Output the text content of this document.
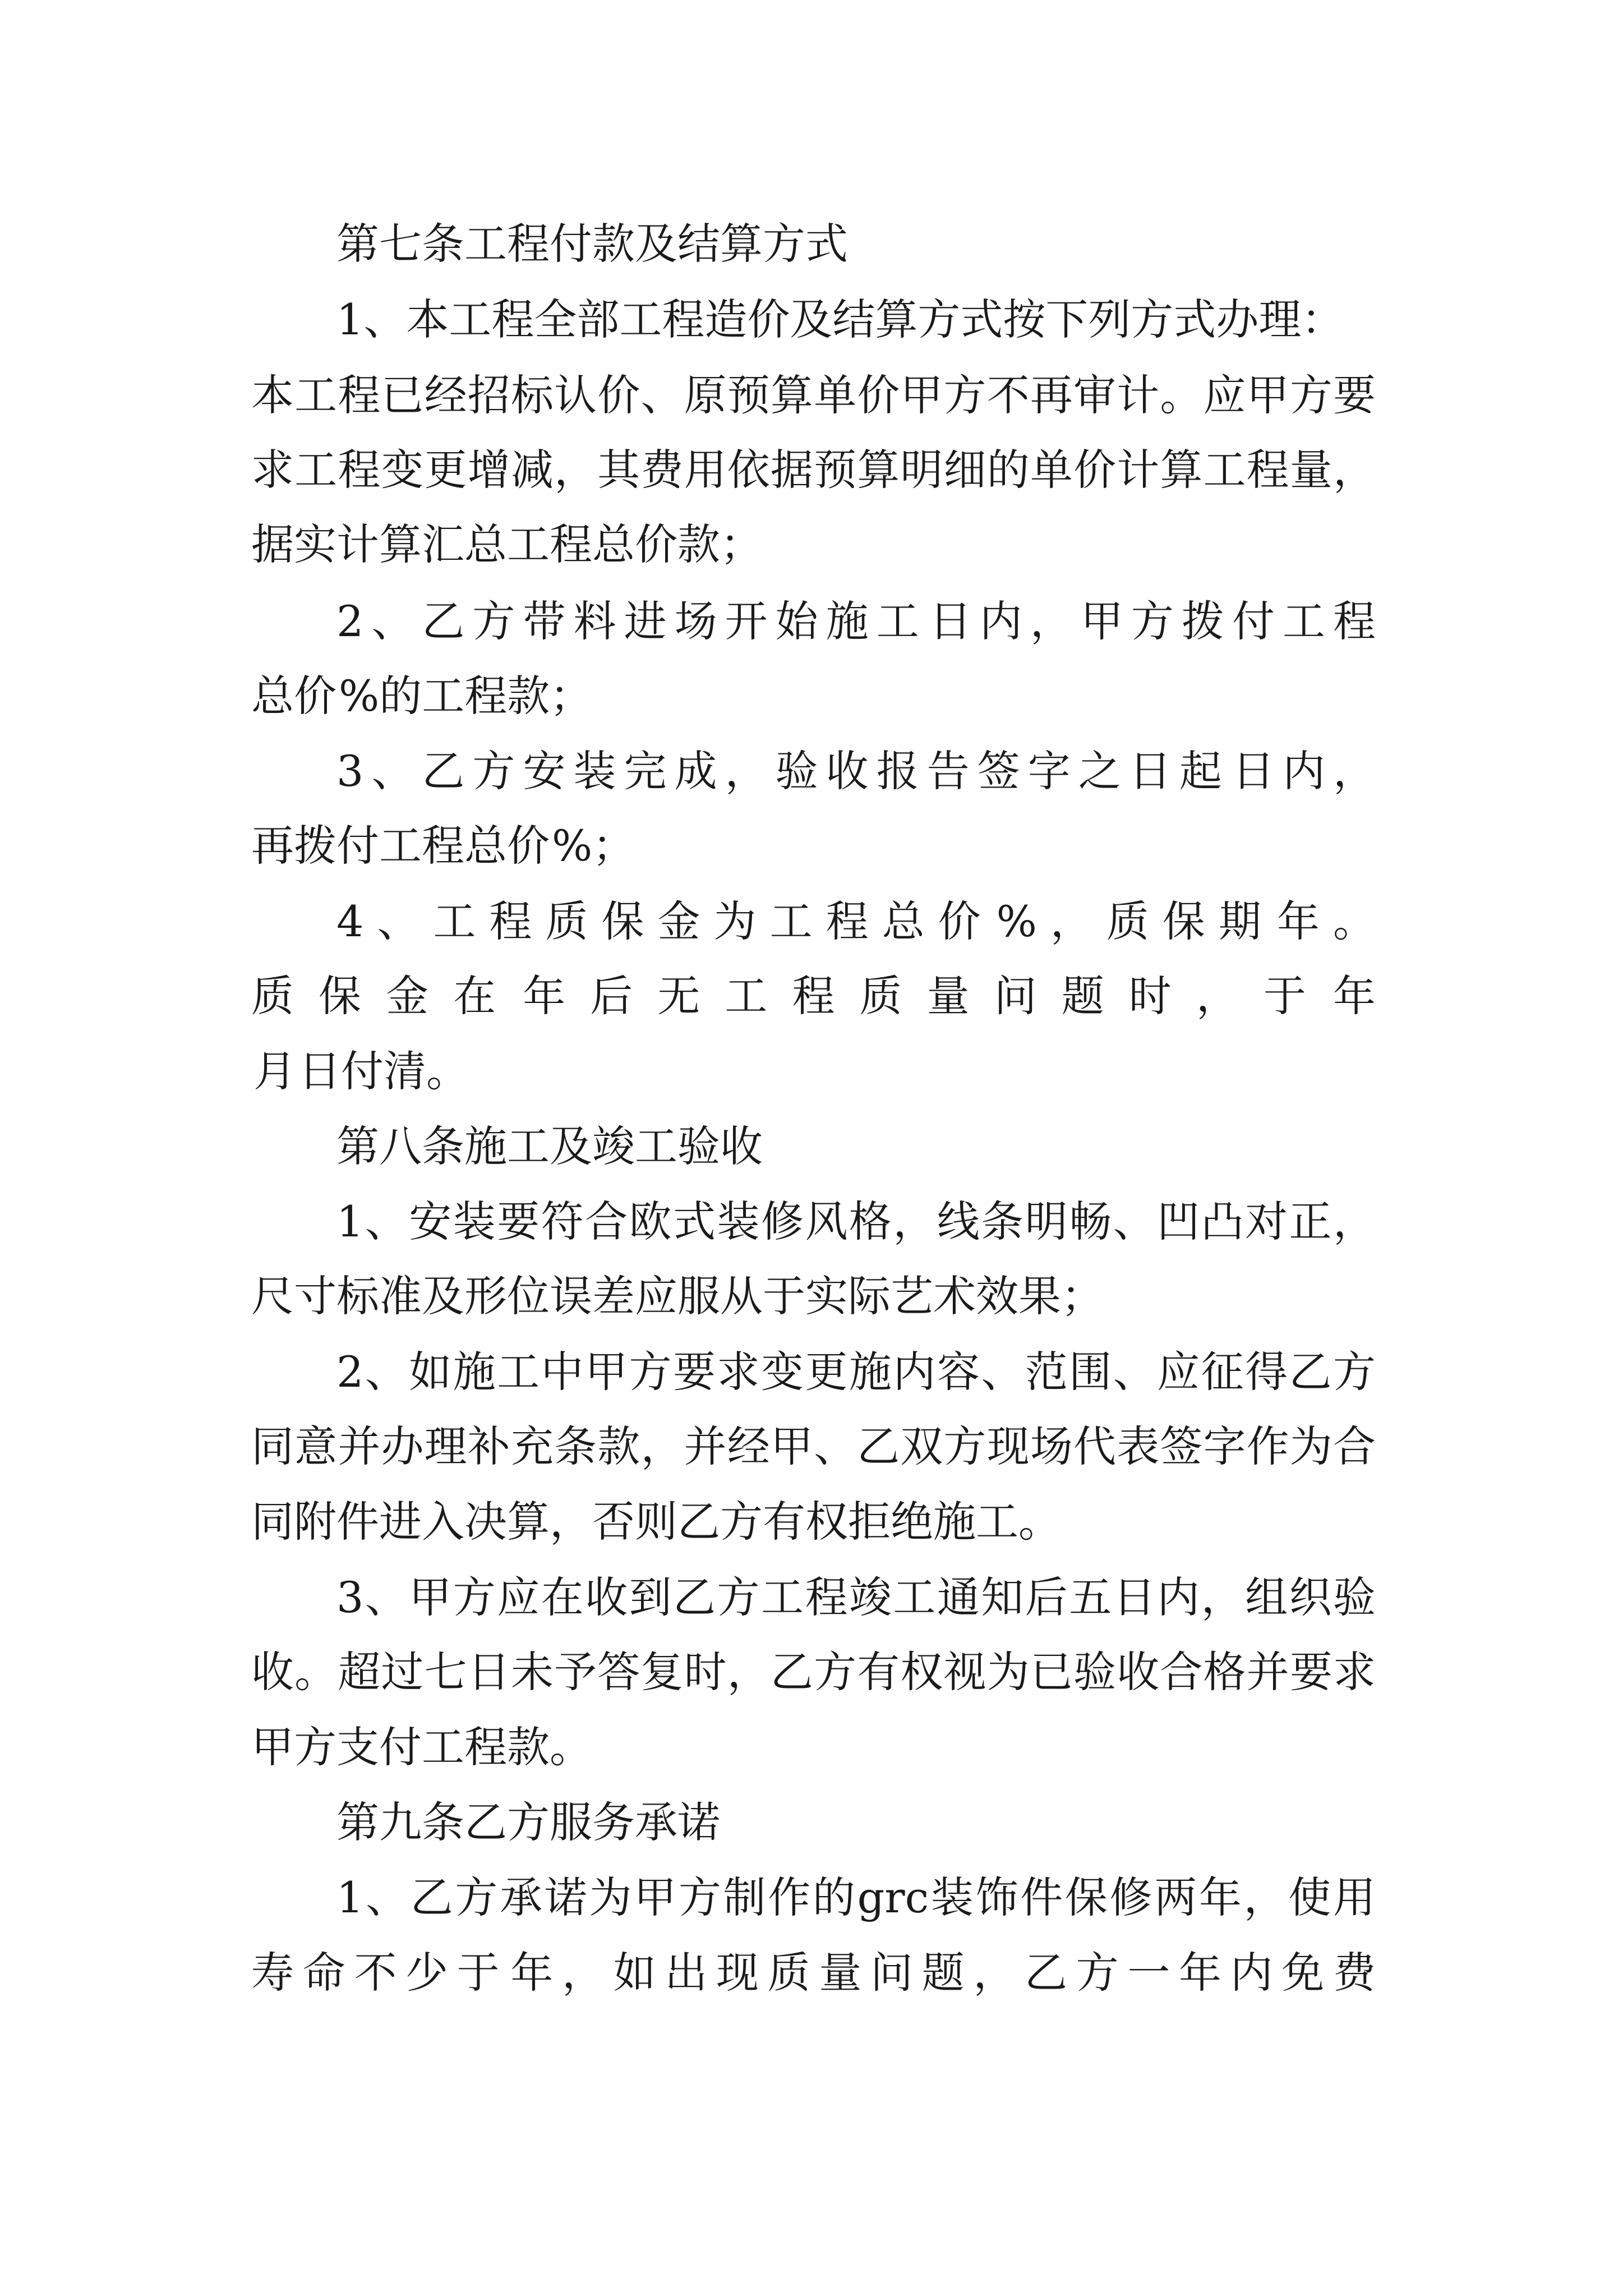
第七条工程付款及结算方式
1、本工程全部工程造价及结算方式按下列方式办理：
本工程已经招标认价、原预算单价甲方不再审计。应甲方要
求工程变更增减，其费用依据预算明细的单价计算工程量，
据实计算汇总工程总价款；
2、乙方带料进场开始施工日内，甲方拨付工程
总价%的工程款；
3、乙方安装完成，验收报告签字之日起日内，
再拨付工程总价%；
4、工程质保金为工程总价%，质保期年。
质保金在年后无工程质量问题时，于年
月日付清。
第八条施工及竣工验收
1、安装要符合欧式装修风格，线条明畅、凹凸对正，
尺寸标准及形位误差应服从于实际艺术效果；
2、如施工中甲方要求变更施内容、范围、应征得乙方
同意并办理补充条款，并经甲、乙双方现场代表签字作为合
同附件进入决算，否则乙方有权拒绝施工。
3、甲方应在收到乙方工程竣工通知后五日内，组织验
收。超过七日未予答复时，乙方有权视为已验收合格并要求
甲方支付工程款。
第九条乙方服务承诺
1、乙方承诺为甲方制作的grc装饰件保修两年，使用
寿命不少于年，如出现质量问题，乙方一年内免费
